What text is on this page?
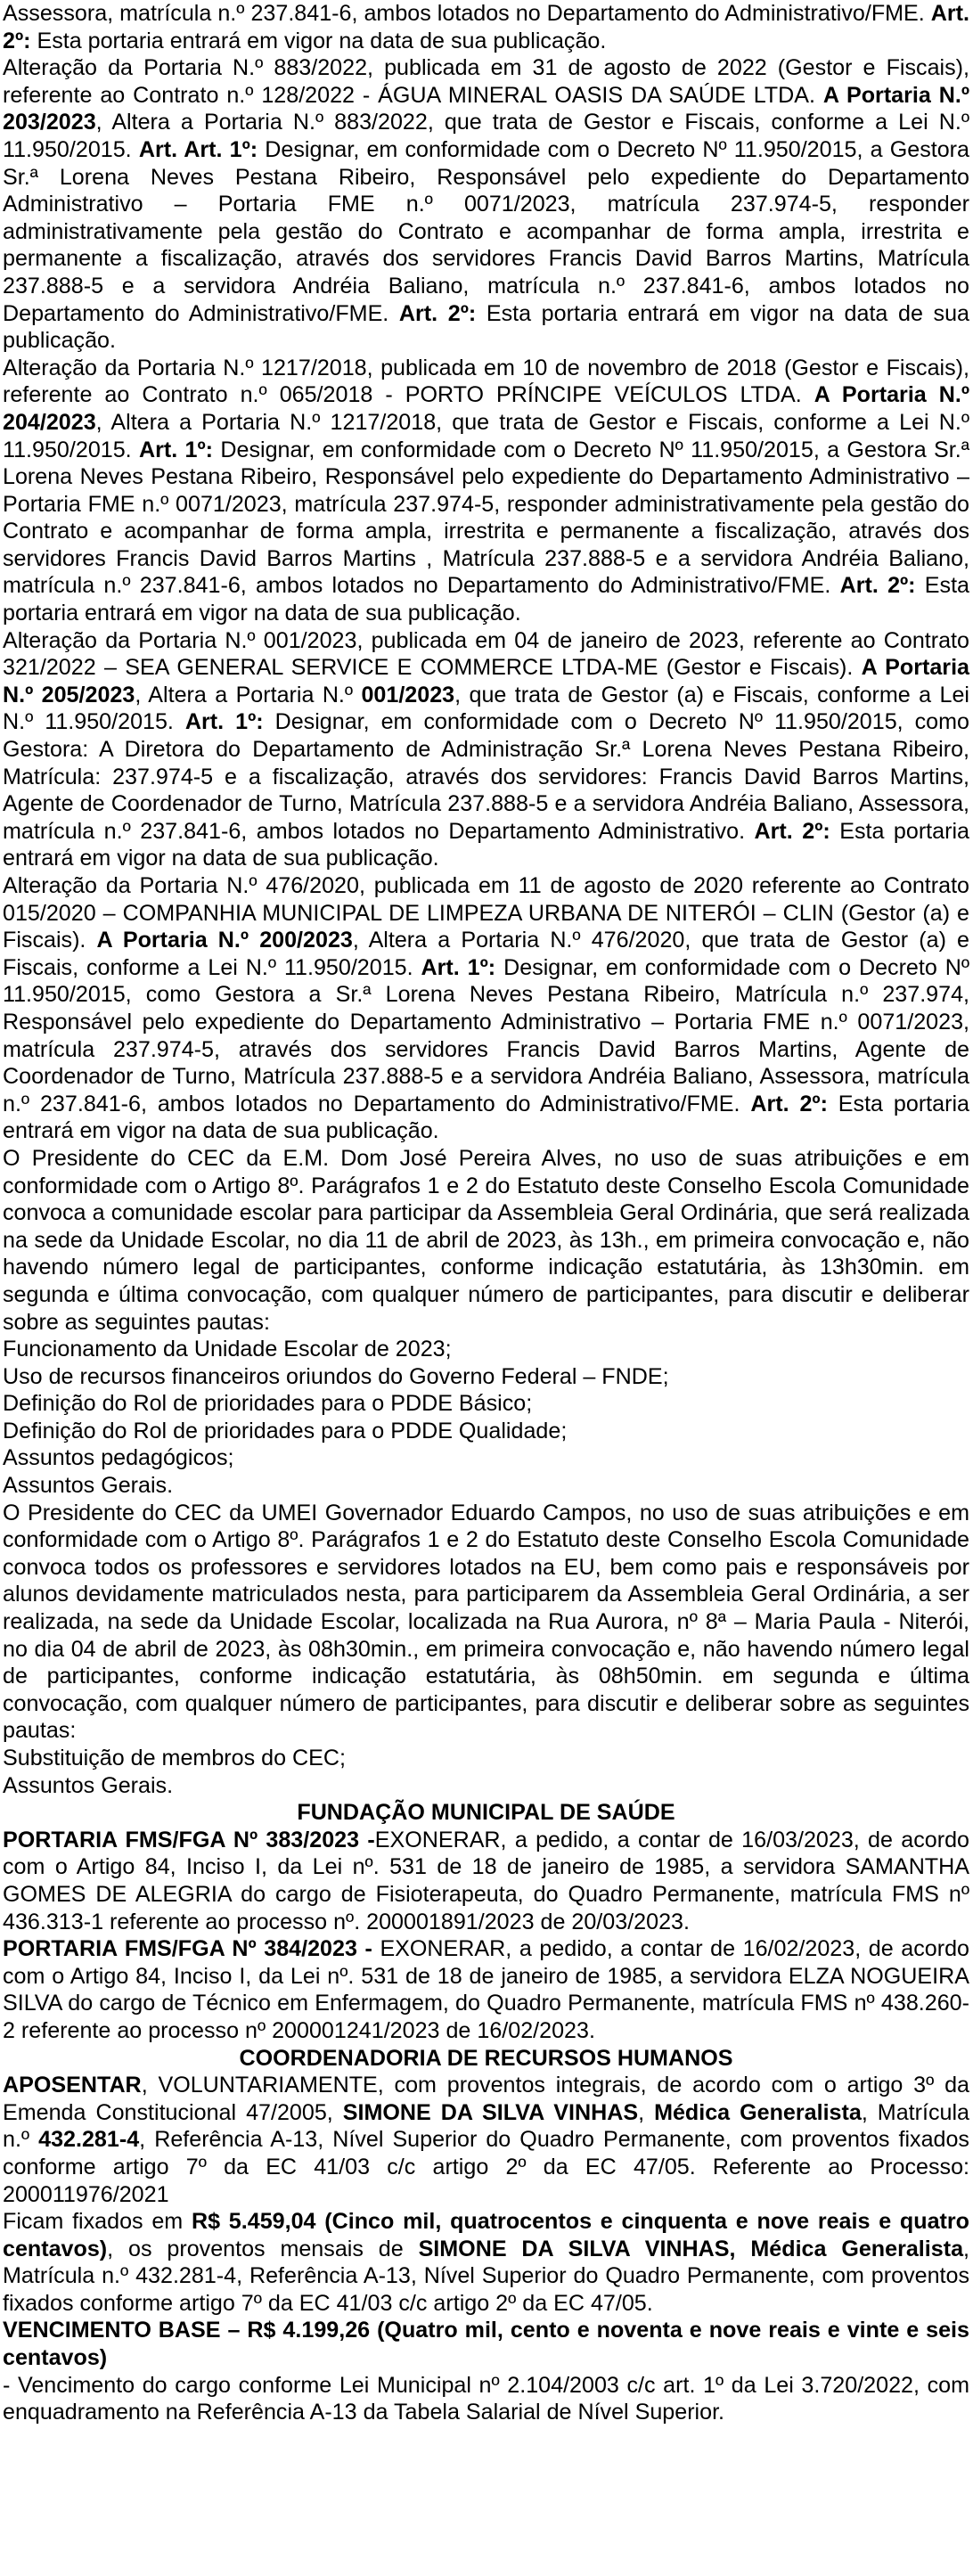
Assessora, matrícula n.º 237.841-6, ambos lotados no Departamento do Administrativo/FME. Art. 2º: Esta portaria entrará em vigor na data de sua publicação.

Alteração da Portaria N.º 883/2022, publicada em 31 de agosto de 2022 (Gestor e Fiscais), referente ao Contrato n.º 128/2022 - ÁGUA MINERAL OASIS DA SAÚDE LTDA. A Portaria N.º 203/2023, Altera a Portaria N.º 883/2022, que trata de Gestor e Fiscais, conforme a Lei N.º 11.950/2015. Art. Art. 1º: Designar, em conformidade com o Decreto Nº 11.950/2015, a Gestora Sr.ª Lorena Neves Pestana Ribeiro, Responsável pelo expediente do Departamento Administrativo – Portaria FME n.º 0071/2023, matrícula 237.974-5, responder administrativamente pela gestão do Contrato e acompanhar de forma ampla, irrestrita e permanente a fiscalização, através dos servidores Francis David Barros Martins, Matrícula 237.888-5 e a servidora Andréia Baliano, matrícula n.º 237.841-6, ambos lotados no Departamento do Administrativo/FME. Art. 2º: Esta portaria entrará em vigor na data de sua publicação.

Alteração da Portaria N.º 1217/2018, publicada em 10 de novembro de 2018 (Gestor e Fiscais), referente ao Contrato n.º 065/2018 - PORTO PRÍNCIPE VEÍCULOS LTDA. A Portaria N.º 204/2023, Altera a Portaria N.º 1217/2018, que trata de Gestor e Fiscais, conforme a Lei N.º 11.950/2015. Art. 1º: Designar, em conformidade com o Decreto Nº 11.950/2015, a Gestora Sr.ª Lorena Neves Pestana Ribeiro, Responsável pelo expediente do Departamento Administrativo – Portaria FME n.º 0071/2023, matrícula 237.974-5, responder administrativamente pela gestão do Contrato e acompanhar de forma ampla, irrestrita e permanente a fiscalização, através dos servidores Francis David Barros Martins , Matrícula 237.888-5 e a servidora Andréia Baliano, matrícula n.º 237.841-6, ambos lotados no Departamento do Administrativo/FME. Art. 2º: Esta portaria entrará em vigor na data de sua publicação.

Alteração da Portaria N.º 001/2023, publicada em 04 de janeiro de 2023, referente ao Contrato 321/2022 – SEA GENERAL SERVICE E COMMERCE LTDA-ME (Gestor e Fiscais). A Portaria N.º 205/2023, Altera a Portaria N.º 001/2023, que trata de Gestor (a) e Fiscais, conforme a Lei N.º 11.950/2015. Art. 1º: Designar, em conformidade com o Decreto Nº 11.950/2015, como Gestora: A Diretora do Departamento de Administração Sr.ª Lorena Neves Pestana Ribeiro, Matrícula: 237.974-5 e a fiscalização, através dos servidores: Francis David Barros Martins, Agente de Coordenador de Turno, Matrícula 237.888-5 e a servidora Andréia Baliano, Assessora, matrícula n.º 237.841-6, ambos lotados no Departamento Administrativo. Art. 2º: Esta portaria entrará em vigor na data de sua publicação.

Alteração da Portaria N.º 476/2020, publicada em 11 de agosto de 2020 referente ao Contrato 015/2020 – COMPANHIA MUNICIPAL DE LIMPEZA URBANA DE NITERÓI – CLIN (Gestor (a) e Fiscais). A Portaria N.º 200/2023, Altera a Portaria N.º 476/2020, que trata de Gestor (a) e Fiscais, conforme a Lei N.º 11.950/2015. Art. 1º: Designar, em conformidade com o Decreto Nº 11.950/2015, como Gestora a Sr.ª Lorena Neves Pestana Ribeiro, Matrícula n.º 237.974, Responsável pelo expediente do Departamento Administrativo – Portaria FME n.º 0071/2023, matrícula 237.974-5, através dos servidores Francis David Barros Martins, Agente de Coordenador de Turno, Matrícula 237.888-5 e a servidora Andréia Baliano, Assessora, matrícula n.º 237.841-6, ambos lotados no Departamento do Administrativo/FME. Art. 2º: Esta portaria entrará em vigor na data de sua publicação.

O Presidente do CEC da E.M. Dom José Pereira Alves, no uso de suas atribuições e em conformidade com o Artigo 8º. Parágrafos 1 e 2 do Estatuto deste Conselho Escola Comunidade convoca a comunidade escolar para participar da Assembleia Geral Ordinária, que será realizada na sede da Unidade Escolar, no dia 11 de abril de 2023, às 13h., em primeira convocação e, não havendo número legal de participantes, conforme indicação estatutária, às 13h30min. em segunda e última convocação, com qualquer número de participantes, para discutir e deliberar sobre as seguintes pautas:

Funcionamento da Unidade Escolar de 2023;

Uso de recursos financeiros oriundos do Governo Federal – FNDE;

Definição do Rol de prioridades para o PDDE Básico;

Definição do Rol de prioridades para o PDDE Qualidade;

Assuntos pedagógicos;

Assuntos Gerais.

O Presidente do CEC da UMEI Governador Eduardo Campos, no uso de suas atribuições e em conformidade com o Artigo 8º. Parágrafos 1 e 2 do Estatuto deste Conselho Escola Comunidade convoca todos os professores e servidores lotados na EU, bem como pais e responsáveis por alunos devidamente matriculados nesta, para participarem da Assembleia Geral Ordinária, a ser realizada, na sede da Unidade Escolar, localizada na Rua Aurora, nº 8ª – Maria Paula - Niterói, no dia 04 de abril de 2023, às 08h30min., em primeira convocação e, não havendo número legal de participantes, conforme indicação estatutária, às 08h50min. em segunda e última convocação, com qualquer número de participantes, para discutir e deliberar sobre as seguintes pautas:

Substituição de membros do CEC;

Assuntos Gerais.

FUNDAÇÃO MUNICIPAL DE SAÚDE

PORTARIA FMS/FGA Nº 383/2023 -EXONERAR, a pedido, a contar de 16/03/2023, de acordo com o Artigo 84, Inciso I, da Lei nº. 531 de 18 de janeiro de 1985, a servidora SAMANTHA GOMES DE ALEGRIA do cargo de Fisioterapeuta, do Quadro Permanente, matrícula FMS nº 436.313-1 referente ao processo nº. 200001891/2023 de 20/03/2023.

PORTARIA FMS/FGA Nº 384/2023 - EXONERAR, a pedido, a contar de 16/02/2023, de acordo com o Artigo 84, Inciso I, da Lei nº. 531 de 18 de janeiro de 1985, a servidora ELZA NOGUEIRA SILVA do cargo de Técnico em Enfermagem, do Quadro Permanente, matrícula FMS nº 438.260-2 referente ao processo nº 200001241/2023 de 16/02/2023.

COORDENADORIA DE RECURSOS HUMANOS

APOSENTAR, VOLUNTARIAMENTE, com proventos integrais, de acordo com o artigo 3º da Emenda Constitucional 47/2005, SIMONE DA SILVA VINHAS, Médica Generalista, Matrícula n.º 432.281-4, Referência A-13, Nível Superior do Quadro Permanente, com proventos fixados conforme artigo 7º da EC 41/03 c/c artigo 2º da EC 47/05. Referente ao Processo: 200011976/2021

Ficam fixados em R$ 5.459,04 (Cinco mil, quatrocentos e cinquenta e nove reais e quatro centavos), os proventos mensais de SIMONE DA SILVA VINHAS, Médica Generalista, Matrícula n.º 432.281-4, Referência A-13, Nível Superior do Quadro Permanente, com proventos fixados conforme artigo 7º da EC 41/03 c/c artigo 2º da EC 47/05.

VENCIMENTO BASE – R$ 4.199,26 (Quatro mil, cento e noventa e nove reais e vinte e seis centavos)

- Vencimento do cargo conforme Lei Municipal nº 2.104/2003 c/c art. 1º da Lei 3.720/2022, com enquadramento na Referência A-13 da Tabela Salarial de Nível Superior.
